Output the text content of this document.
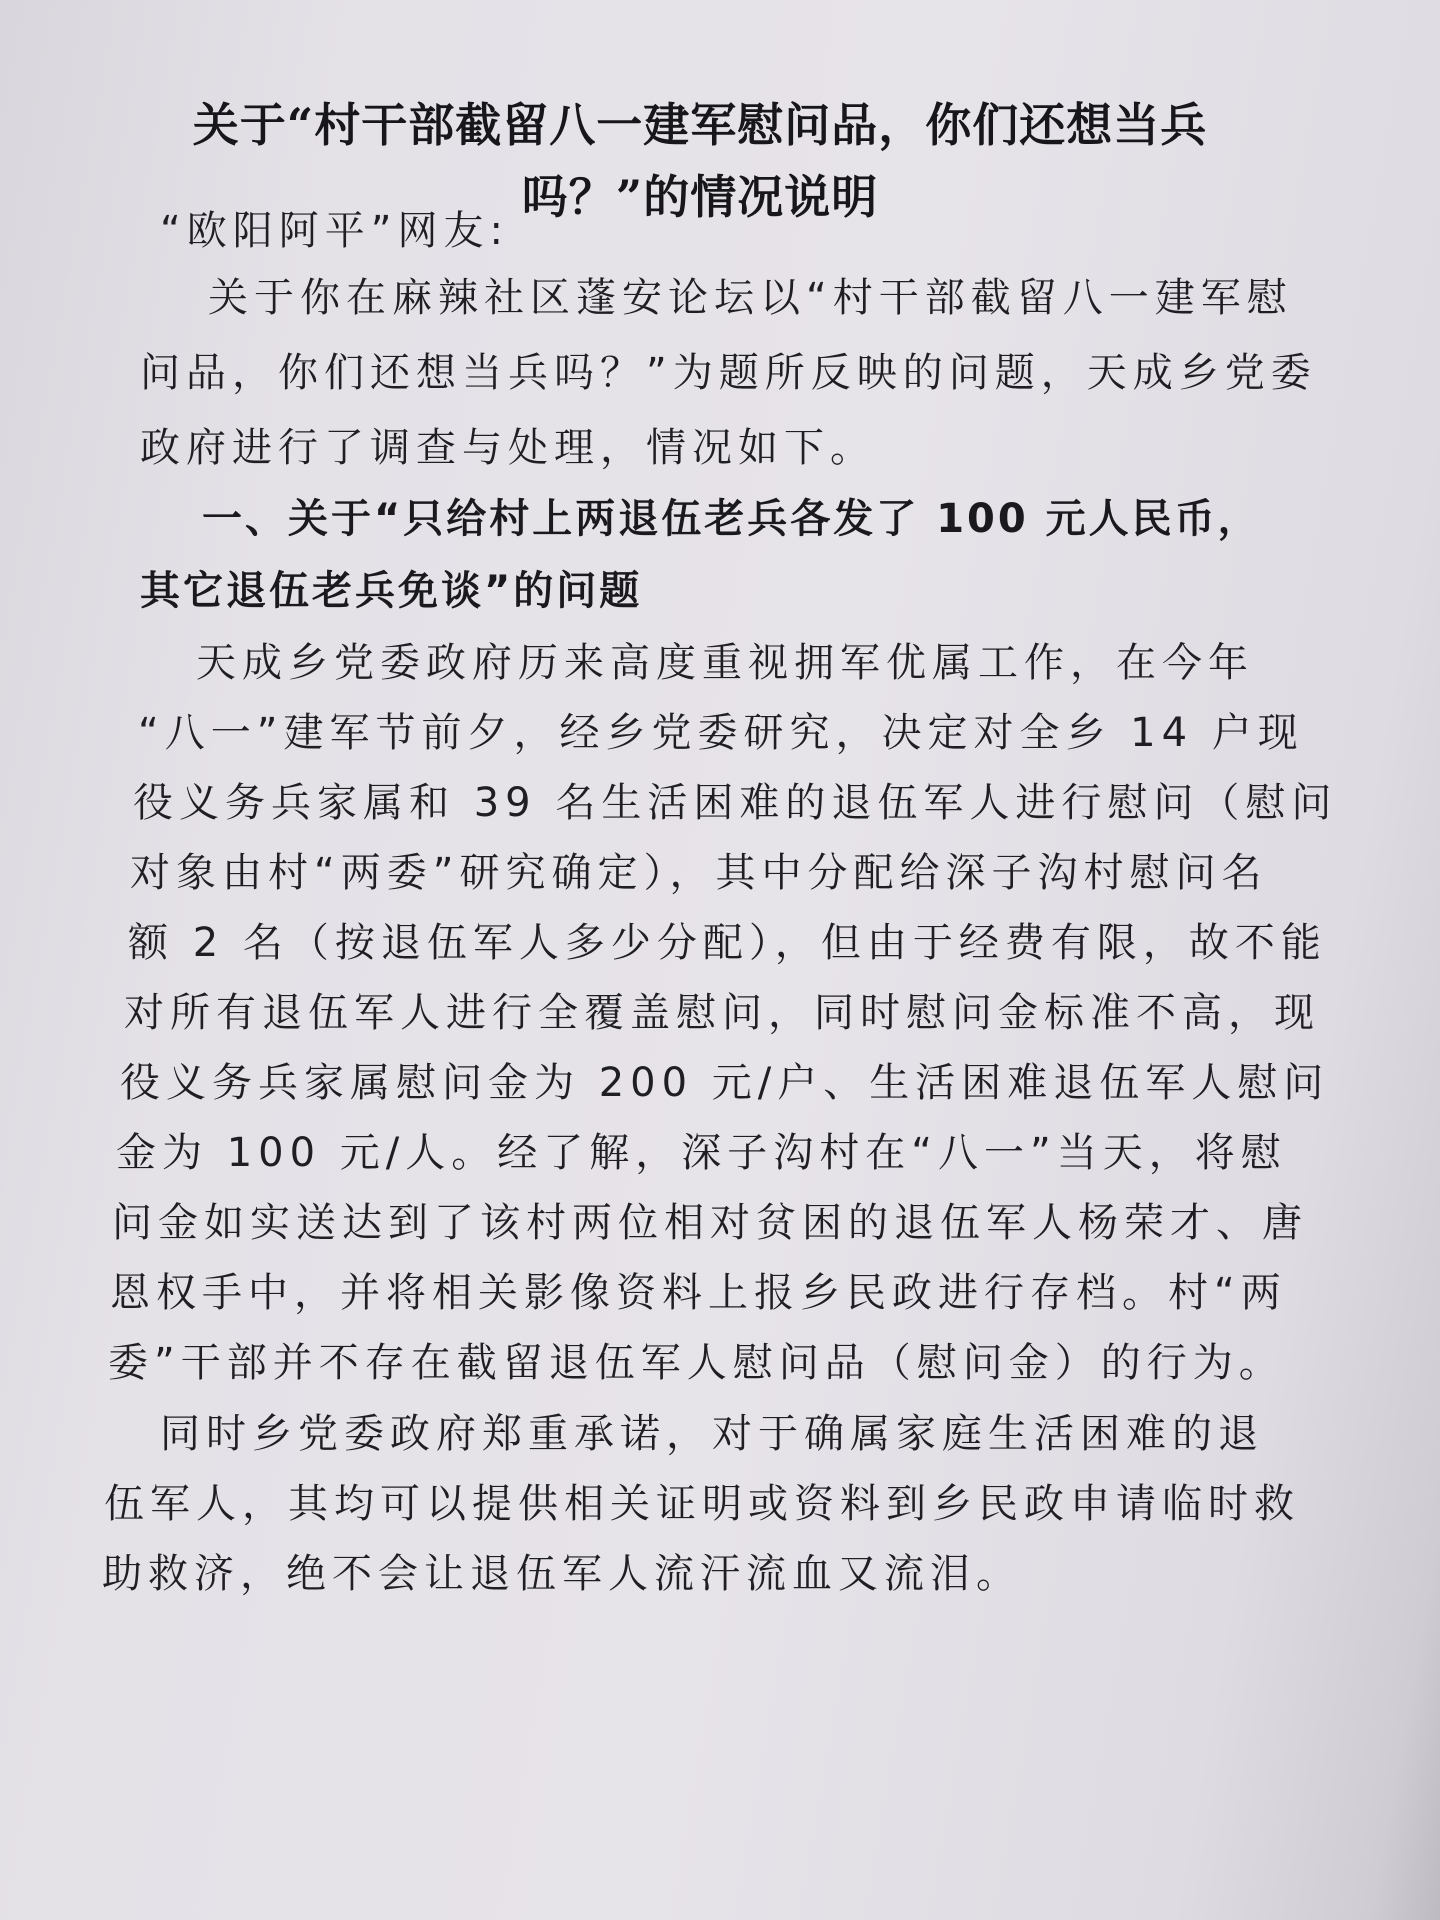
关于“村干部截留八一建军慰问品，你们还想当兵
吗？”的情况说明
“欧阳阿平”网友:
关于你在麻辣社区蓬安论坛以“村干部截留八一建军慰
问品，你们还想当兵吗？”为题所反映的问题，天成乡党委
政府进行了调查与处理，情况如下。
一、关于“只给村上两退伍老兵各发了 100 元人民币，
其它退伍老兵免谈”的问题
天成乡党委政府历来高度重视拥军优属工作，在今年
“八一”建军节前夕，经乡党委研究，决定对全乡 14 户现
役义务兵家属和 39 名生活困难的退伍军人进行慰问（慰问
对象由村“两委”研究确定），其中分配给深子沟村慰问名
额 2 名（按退伍军人多少分配），但由于经费有限，故不能
对所有退伍军人进行全覆盖慰问，同时慰问金标准不高，现
役义务兵家属慰问金为 200 元/户、生活困难退伍军人慰问
金为 100 元/人。经了解，深子沟村在“八一”当天，将慰
问金如实送达到了该村两位相对贫困的退伍军人杨荣才、唐
恩权手中，并将相关影像资料上报乡民政进行存档。村“两
委”干部并不存在截留退伍军人慰问品（慰问金）的行为。
同时乡党委政府郑重承诺，对于确属家庭生活困难的退
伍军人，其均可以提供相关证明或资料到乡民政申请临时救
助救济，绝不会让退伍军人流汗流血又流泪。
